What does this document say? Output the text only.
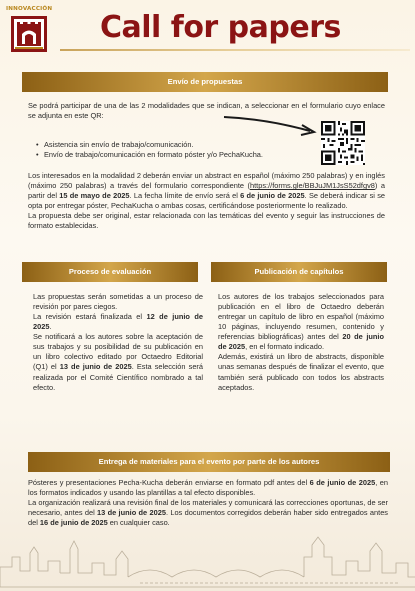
INNOVACCIÓN
Call for papers
Envío de propuestas

Se podrá participar de una de las 2 modalidades que se indican, a seleccionar en el formulario cuyo enlace se adjunta en este QR:

• Asistencia sin envío de trabajo/comunicación.
• Envío de trabajo/comunicación en formato póster y/o PechaKucha.

Los interesados en la modalidad 2 deberán enviar un abstract en español (máximo 250 palabras) y en inglés (máximo 250 palabras) a través del formulario correspondiente (https://forms.gle/BBJuJM1JsS52dfgv8) a partir del 15 de mayo de 2025. La fecha límite de envío será el 6 de junio de 2025. Se deberá indicar si se opta por entregar póster, PechaKucha o ambas cosas, certificándose posteriormente lo realizado.

La propuesta debe ser original, estar relacionada con las temáticas del evento y seguir las instrucciones de formato establecidas.

Proceso de evaluación

Las propuestas serán sometidas a un proceso de revisión por pares ciegos.

La revisión estará finalizada el 12 de junio de 2025.

Se notificará a los autores sobre la aceptación de sus trabajos y su posibilidad de su publicación en un libro colectivo editado por Octaedro Editorial (Q1) el 13 de junio de 2025. Esta selección será realizada por el Comité Científico nombrado a tal efecto.

Publicación de capítulos

Los autores de los trabajos seleccionados para publicación en el libro de Octaedro deberán entregar un capítulo de libro en español (máximo 10 páginas, incluyendo resumen, contenido y referencias bibliográficas) antes del 20 de junio de 2025, en el formato indicado.

Además, existirá un libro de abstracts, disponible unas semanas después de finalizar el evento, que también será publicado con todos los abstracts aceptados.

Entrega de materiales para el evento por parte de los autores

Pósteres y presentaciones Pecha-Kucha deberán enviarse en formato pdf antes del 6 de junio de 2025, en los formatos indicados y usando las plantillas a tal efecto disponibles.

La organización realizará una revisión final de los materiales y comunicará las correcciones oportunas, de ser necesario, antes del 13 de junio de 2025. Los documentos corregidos deberán haber sido entregados antes del 16 de junio de 2025 en cualquier caso.
